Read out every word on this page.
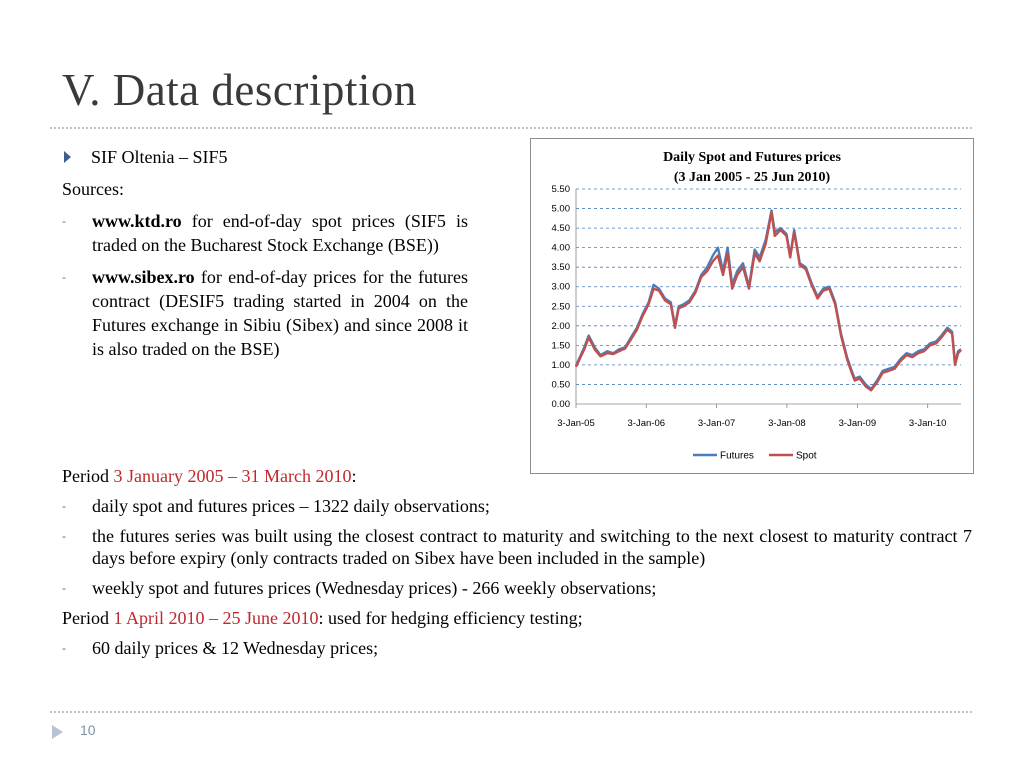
V. Data description
SIF Oltenia – SIF5
Sources:
-	www.ktd.ro for end-of-day spot prices (SIF5 is traded on the Bucharest Stock Exchange (BSE))
-	www.sibex.ro for end-of-day prices for the futures contract (DESIF5 trading started in 2004 on the Futures exchange in Sibiu (Sibex) and since 2008 it is also traded on the BSE)
Daily Spot and Futures prices
(3 Jan 2005 - 25 Jun 2010)
0.00
0.50
1.00
1.50
2.00
2.50
3.00
3.50
4.00
4.50
5.00
5.50
3-Jan-05	3-Jan-06	3-Jan-07	3-Jan-08	3-Jan-09	3-Jan-10
Futures	Spot
Period 3 January 2005 – 31 March 2010:
-	daily spot and futures prices – 1322 daily observations;
-	the futures series was built using the closest contract to maturity and switching to the next closest to maturity contract 7 days before expiry (only contracts traded on Sibex have been included in the sample)
-	weekly spot and futures prices (Wednesday prices) - 266 weekly observations;
Period 1 April 2010 – 25 June 2010: used for hedging efficiency testing;
-	60 daily prices & 12 Wednesday prices;
10
